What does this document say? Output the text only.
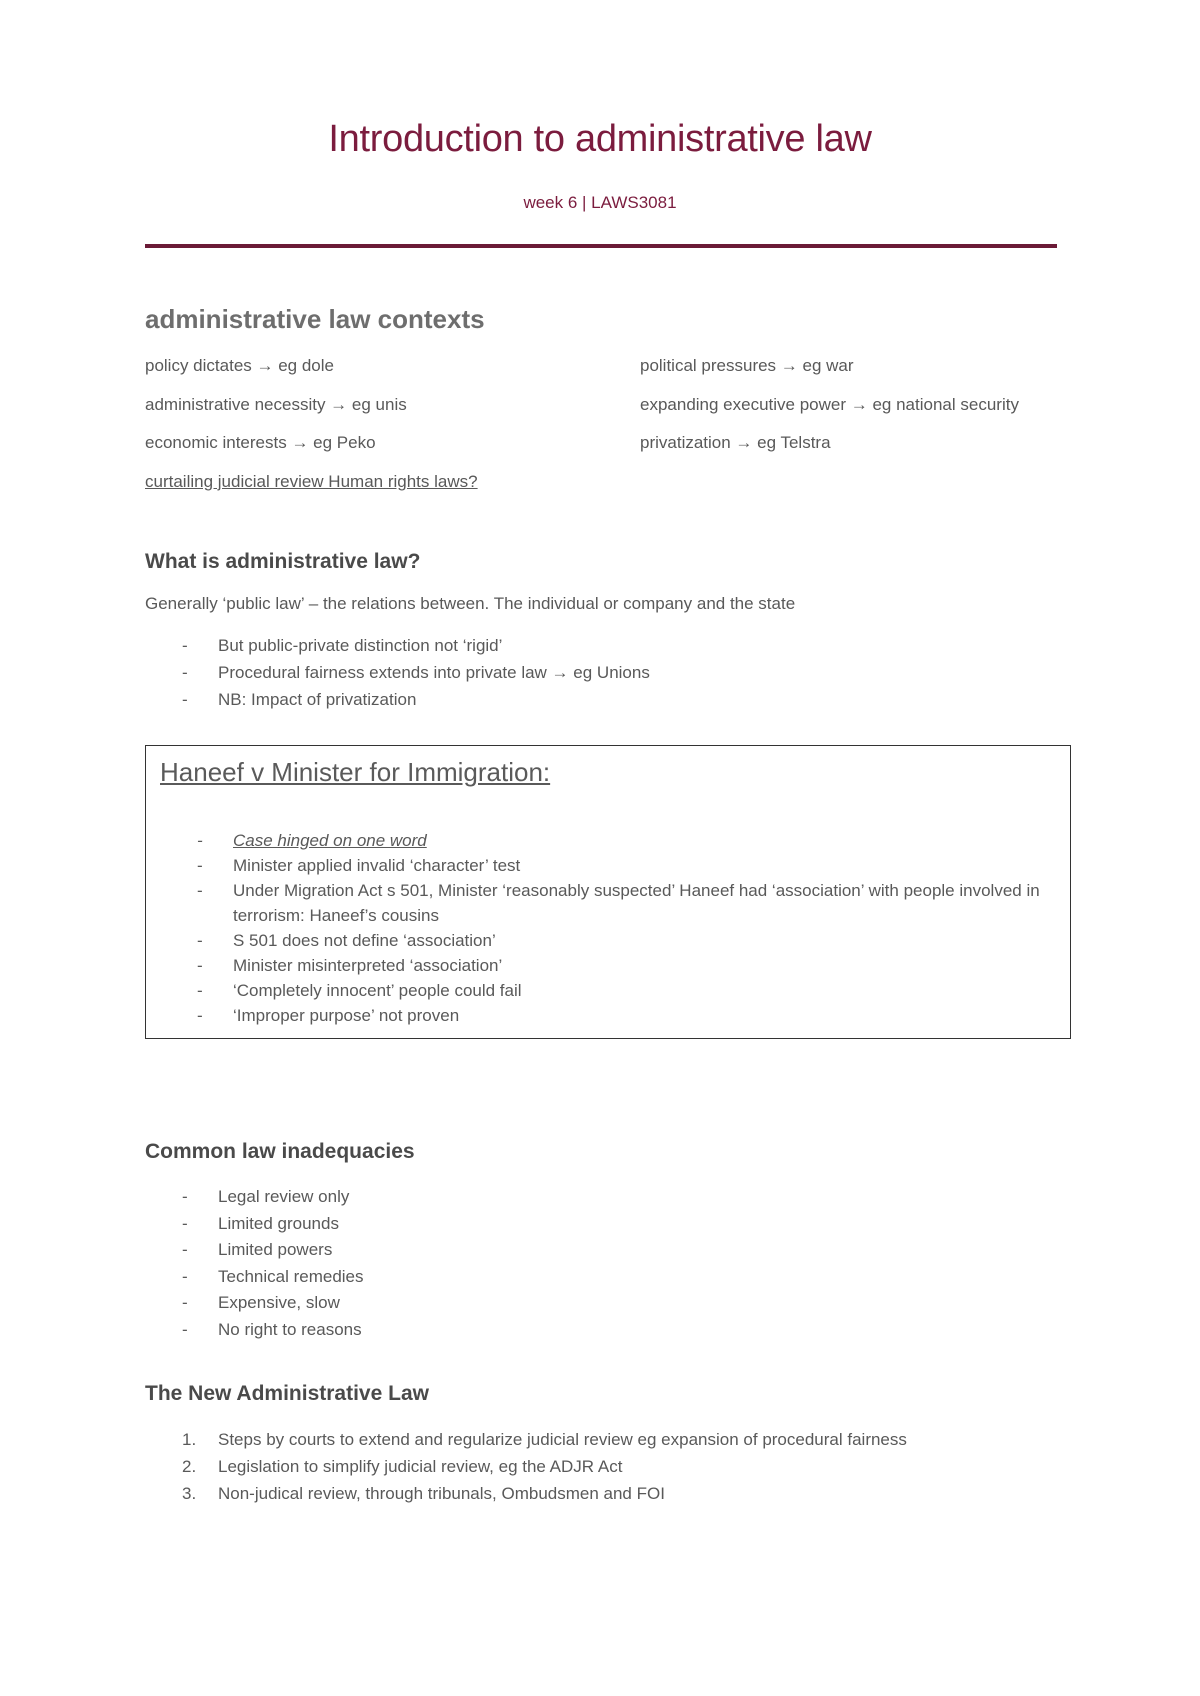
Introduction to administrative law
week 6 | LAWS3081
administrative law contexts
policy dictates → eg dole
administrative necessity → eg unis
economic interests → eg Peko
political pressures → eg war
expanding executive power → eg national security
privatization → eg Telstra
curtailing judicial review Human rights laws?
What is administrative law?
Generally ‘public law’ – the relations between. The individual or company and the state
- But public-private distinction not ‘rigid’
- Procedural fairness extends into private law → eg Unions
- NB: Impact of privatization
Haneef v Minister for Immigration:
- Case hinged on one word
- Minister applied invalid ‘character’ test
- Under Migration Act s 501, Minister ‘reasonably suspected’ Haneef had ‘association’ with people involved in terrorism: Haneef’s cousins
- S 501 does not define ‘association’
- Minister misinterpreted ‘association’
- ‘Completely innocent’ people could fail
- ‘Improper purpose’ not proven
Common law inadequacies
- Legal review only
- Limited grounds
- Limited powers
- Technical remedies
- Expensive, slow
- No right to reasons
The New Administrative Law
1. Steps by courts to extend and regularize judicial review eg expansion of procedural fairness
2. Legislation to simplify judicial review, eg the ADJR Act
3. Non-judical review, through tribunals, Ombudsmen and FOI
